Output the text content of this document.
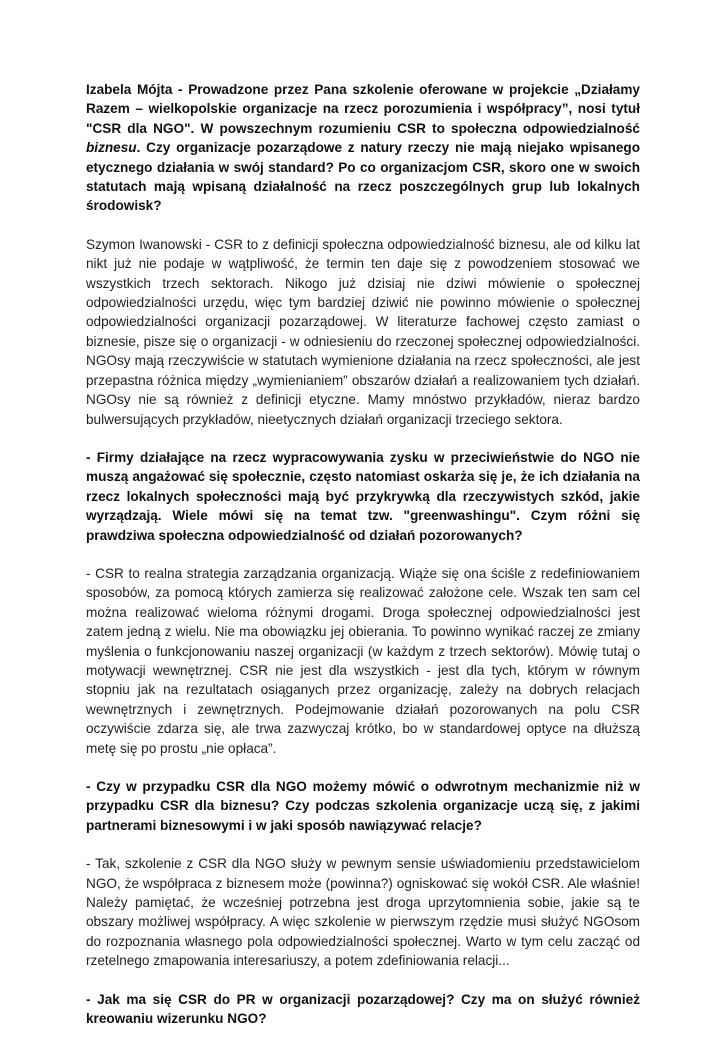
Izabela Mójta - Prowadzone przez Pana szkolenie oferowane w projekcie „Działamy Razem – wielkopolskie organizacje na rzecz porozumienia i współpracy”, nosi tytuł "CSR dla NGO". W powszechnym rozumieniu CSR to społeczna odpowiedzialność biznesu. Czy organizacje pozarządowe z natury rzeczy nie mają niejako wpisanego etycznego działania w swój standard? Po co organizacjom CSR, skoro one w swoich statutach mają wpisaną działalność na rzecz poszczególnych grup lub lokalnych środowisk?

Szymon Iwanowski - CSR to z definicji społeczna odpowiedzialność biznesu, ale od kilku lat nikt już nie podaje w wątpliwość, że termin ten daje się z powodzeniem stosować we wszystkich trzech sektorach. Nikogo już dzisiaj nie dziwi mówienie o społecznej odpowiedzialności urzędu, więc tym bardziej dziwić nie powinno mówienie o społecznej odpowiedzialności organizacji pozarządowej. W literaturze fachowej często zamiast o biznesie, pisze się o organizacji - w odniesieniu do rzeczonej społecznej odpowiedzialności. NGOsy mają rzeczywiście w statutach wymienione działania na rzecz społeczności, ale jest przepastna różnica między „wymienianiem” obszarów działań a realizowaniem tych działań. NGOsy nie są również z definicji etyczne. Mamy mnóstwo przykładów, nieraz bardzo bulwersujących przykładów, nieetycznych działań organizacji trzeciego sektora.

- Firmy działające na rzecz wypracowywania zysku w przeciwieństwie do NGO nie muszą angażować się społecznie, często natomiast oskarża się je, że ich działania na rzecz lokalnych społeczności mają być przykrywką dla rzeczywistych szkód, jakie wyrządzają. Wiele mówi się na temat tzw. "greenwashingu". Czym różni się prawdziwa społeczna odpowiedzialność od działań pozorowanych?

- CSR to realna strategia zarządzania organizacją. Wiąże się ona ściśle z redefiniowaniem sposobów, za pomocą których zamierza się realizować założone cele. Wszak ten sam cel można realizować wieloma różnymi drogami. Droga społecznej odpowiedzialności jest zatem jedną z wielu. Nie ma obowiązku jej obierania. To powinno wynikać raczej ze zmiany myślenia o funkcjonowaniu naszej organizacji (w każdym z trzech sektorów). Mówię tutaj o motywacji wewnętrznej. CSR nie jest dla wszystkich - jest dla tych, którym w równym stopniu jak na rezultatach osiąganych przez organizację, zależy na dobrych relacjach wewnętrznych i zewnętrznych. Podejmowanie działań pozorowanych na polu CSR oczywiście zdarza się, ale trwa zazwyczaj krótko, bo w standardowej optyce na dłuższą metę się po prostu „nie opłaca”.

- Czy w przypadku CSR dla NGO możemy mówić o odwrotnym mechanizmie niż w przypadku CSR dla biznesu? Czy podczas szkolenia organizacje uczą się, z jakimi partnerami biznesowymi i w jaki sposób nawiązywać relacje?

- Tak, szkolenie z CSR dla NGO służy w pewnym sensie uświadomieniu przedstawicielom NGO, że współpraca z biznesem może (powinna?) ogniskować się wokół CSR. Ale właśnie! Należy pamiętać, że wcześniej potrzebna jest droga uprzytomnienia sobie, jakie są te obszary możliwej współpracy. A więc szkolenie w pierwszym rzędzie musi służyć NGOsom do rozpoznania własnego pola odpowiedzialności społecznej. Warto w tym celu zacząć od rzetelnego zmapowania interesariuszy, a potem zdefiniowania relacji...

- Jak ma się CSR do PR w organizacji pozarządowej? Czy ma on służyć również kreowaniu wizerunku NGO?
